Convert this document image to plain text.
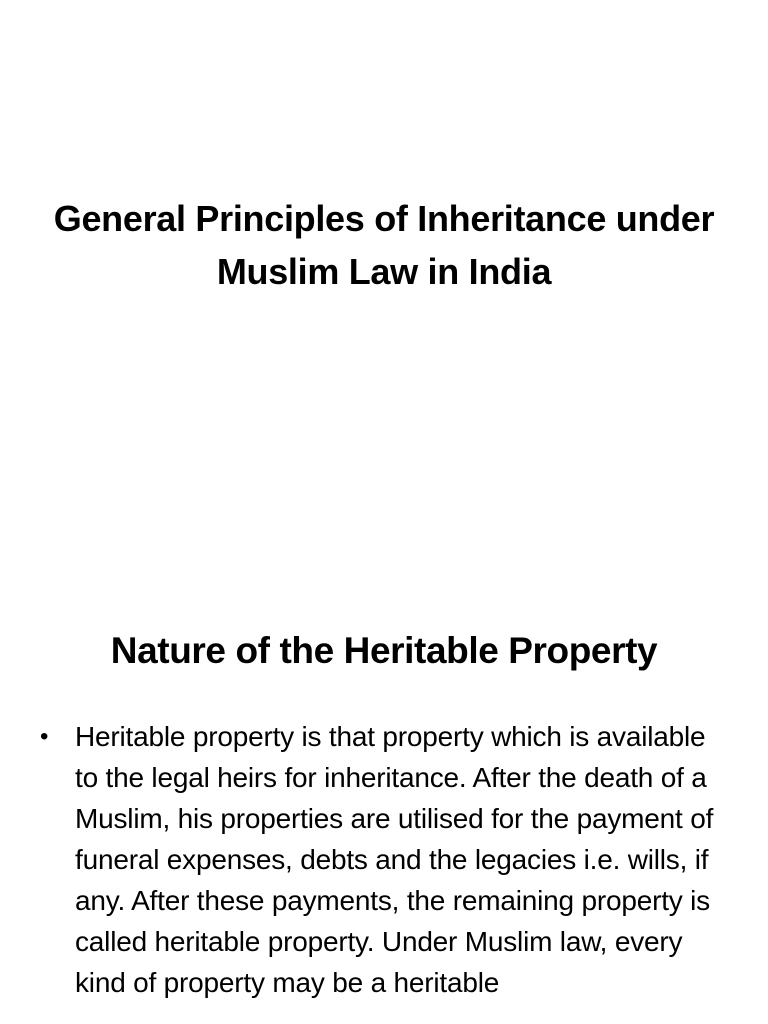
General Principles of Inheritance under Muslim Law in India
Nature of the Heritable Property
• Heritable property is that property which is available to the legal heirs for inheritance. After the death of a Muslim, his properties are utilised for the payment of funeral expenses, debts and the legacies i.e. wills, if any. After these payments, the remaining property is called heritable property. Under Muslim law, every kind of property may be a heritable
